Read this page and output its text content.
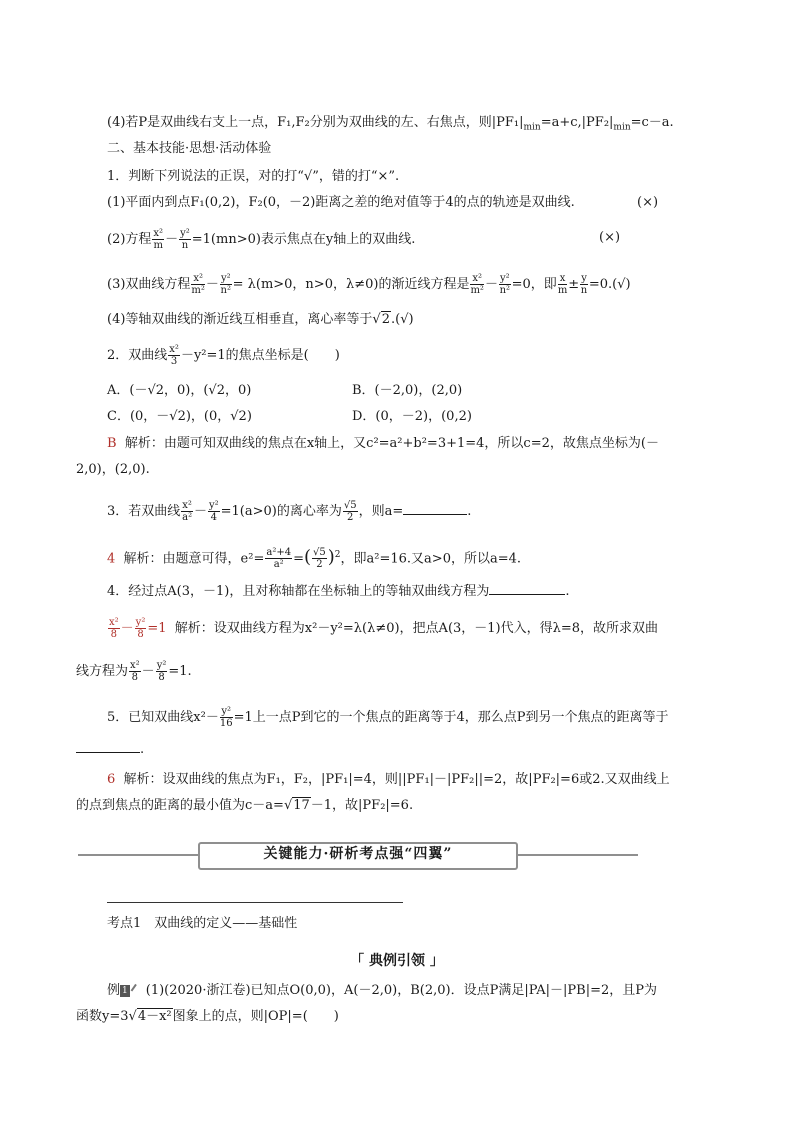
(4)若P是双曲线右支上一点，F₁,F₂分别为双曲线的左、右焦点，则$|PF_1|_{min}=a+c,|PF_2|_{min}=c-a$.
二、基本技能·思想·活动体验
1．判断下列说法的正误，对的打“√”，错的打“×”.
(1)平面内到点F₁(0,2)，F₂(0，－2)距离之差的绝对值等于4的点的轨迹是双曲线.	(×)
(2)方程 $\frac{\text{x²}}{m} - \frac{\text{y²}}{n} =1(mn>0)$表示焦点在y轴上的双曲线.	(×)
(3)双曲线方程 $\frac{\text{x²}}{\text{m²}} - \frac{\text{y²}}{\text{n²}} = \lambda(m>0$，n>0，λ≠0)的渐近线方程是 $\frac{\text{x²}}{\text{m²}} - \frac{\text{y²}}{\text{n²}} =0$，即 $\frac{x}{m} \pm \frac{y}{n} =0.(√)$
(4)等轴双曲线的渐近线互相垂直，离心率等于√2.(√)
2．双曲线 $\frac{\text{x²}}{3} -y^2=1$的焦点坐标是(　　)
A．(－√2，0)，(√2，0)	B．(－2,0)，(2,0)
C．(0，－√2)，(0，√2)	D．(0，－2)，(0,2)
B 解析：由题可知双曲线的焦点在x轴上，又c²=a²+b²=3+1=4，所以c=2，故焦点坐标为(－
2,0)，(2,0).
3．若双曲线 $\frac{\text{x²}}{\text{a²}} - \frac{\text{y²}}{4} =1(a>0)$的离心率为 $\frac{√5}{2}$ ，则a=	.
4 解析：由题意可得，$e^2= \frac{\text{a²+4}}{\text{a²}}$ =( $\frac{√5}{2} )^2$，即a²=16.又a>0，所以a=4.
4．经过点A(3，－1)，且对称轴都在坐标轴上的等轴双曲线方程为	.
$\frac{\text{x²}}{8} - \frac{\text{y²}}{8} =1$ 解析：设双曲线方程为x²－y²=λ(λ≠0)，把点A(3，－1)代入，得λ=8，故所求双曲
线方程为 $\frac{\text{x²}}{8} - \frac{\text{y²}}{8} =1$.
5．已知双曲线$x^2- \frac{\text{y²}}{16} =1$上一点P到它的一个焦点的距离等于4，那么点P到另一个焦点的距离等于
.
6 解析：设双曲线的焦点为F₁，F₂，|PF₁|=4，则||PF₁|－|PF₂||=2，故|PF₂|=6或2.又双曲线上
的点到焦点的距离的最小值为c－a=√17－1，故|PF₂|=6.
关键能力·研析考点强“四翼”
考点1　双曲线的定义——基础性
「 典例引领 」
例 1 (1)(2020·浙江卷)已知点O(0,0)，A(－2,0)，B(2,0)．设点P满足|PA|－|PB|=2，且P为
函数y=3√4－x²图象上的点，则|OP|=(　　)
